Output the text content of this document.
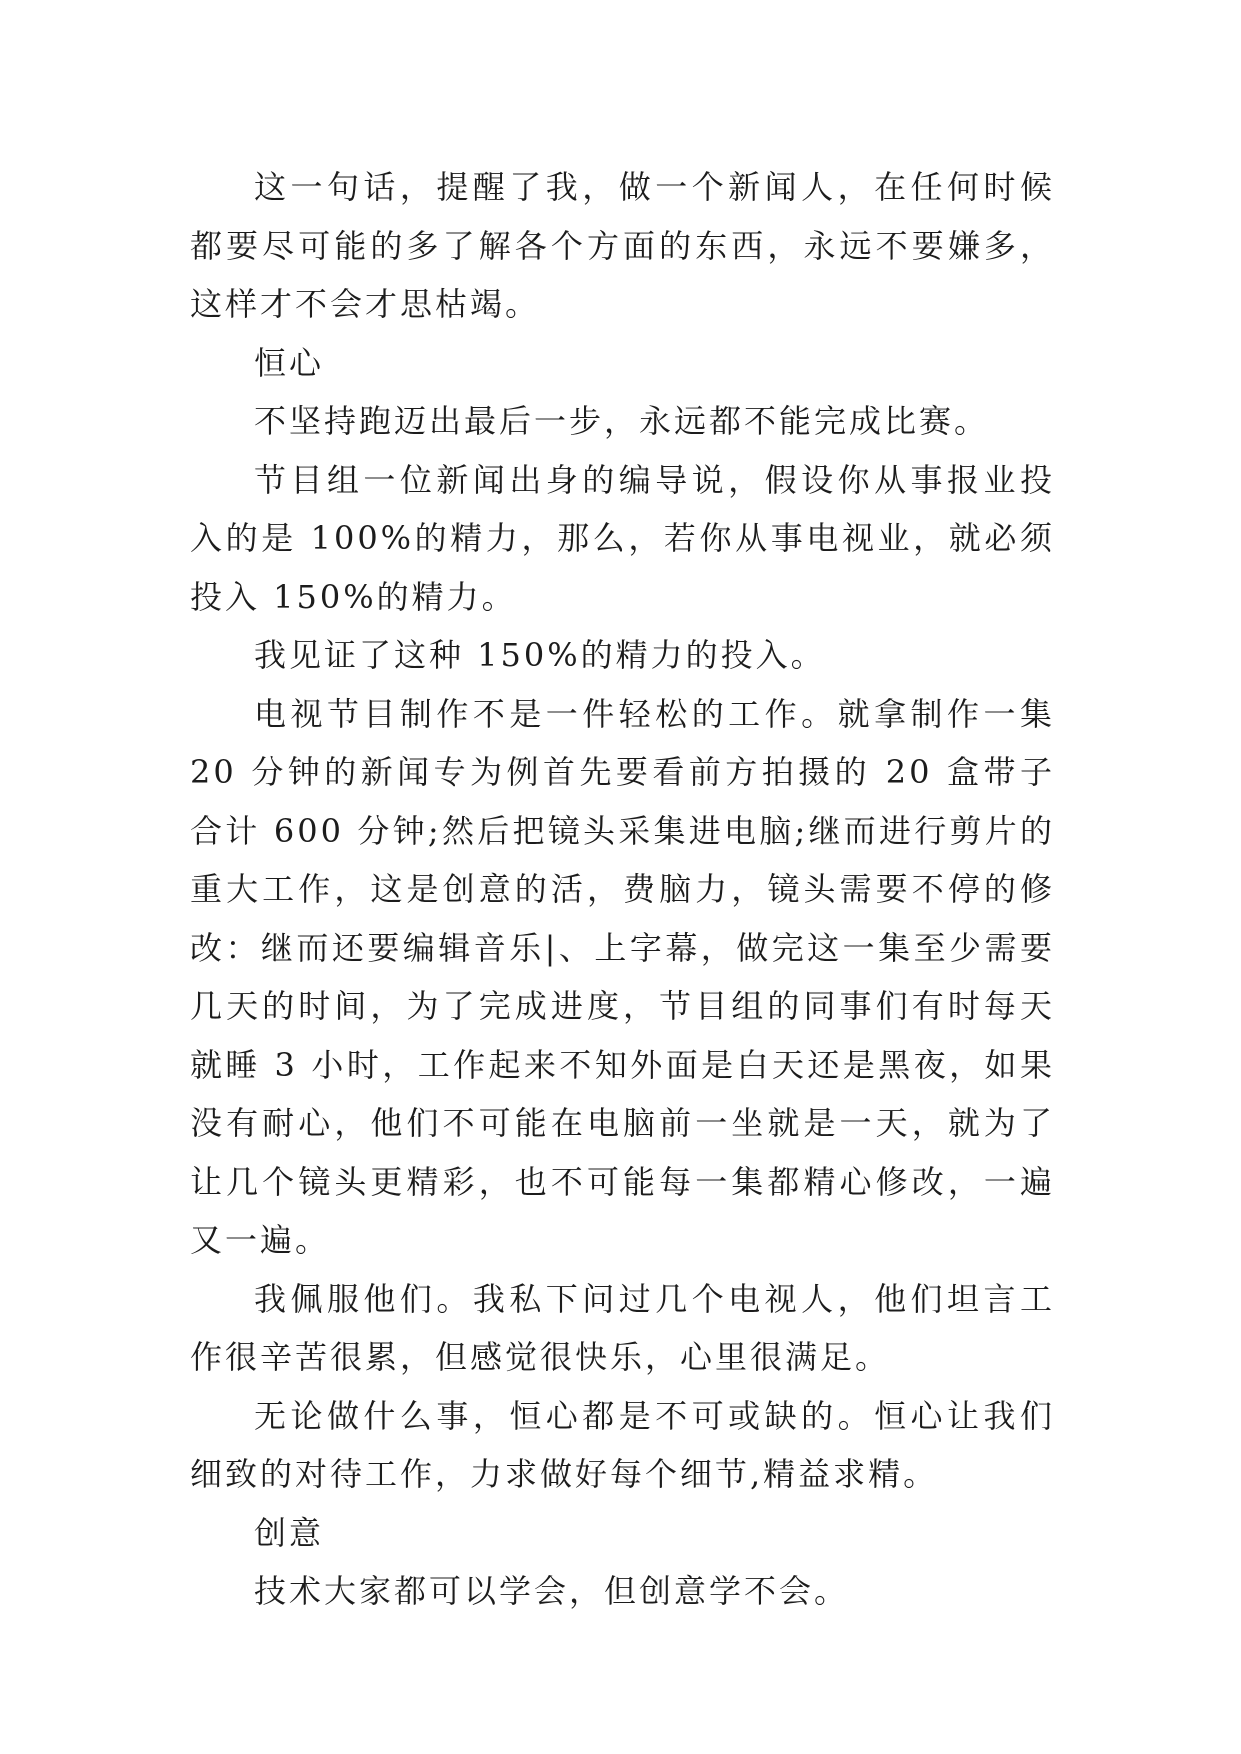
这一句话，提醒了我，做一个新闻人，在任何时候都要尽可能的多了解各个方面的东西，永远不要嫌多，这样才不会才思枯竭。

恒心

不坚持跑迈出最后一步，永远都不能完成比赛。

节目组一位新闻出身的编导说，假设你从事报业投入的是 100%的精力，那么，若你从事电视业，就必须投入 150%的精力。

我见证了这种 150%的精力的投入。

电视节目制作不是一件轻松的工作。就拿制作一集 20 分钟的新闻专为例首先要看前方拍摄的 20 盒带子合计 600 分钟;然后把镜头采集进电脑;继而进行剪片的重大工作，这是创意的活，费脑力，镜头需要不停的修改：继而还要编辑音乐|、上字幕，做完这一集至少需要几天的时间，为了完成进度，节目组的同事们有时每天就睡 3 小时，工作起来不知外面是白天还是黑夜，如果没有耐心，他们不可能在电脑前一坐就是一天，就为了让几个镜头更精彩，也不可能每一集都精心修改，一遍又一遍。

我佩服他们。我私下问过几个电视人，他们坦言工作很辛苦很累，但感觉很快乐，心里很满足。

无论做什么事，恒心都是不可或缺的。恒心让我们细致的对待工作，力求做好每个细节,精益求精。

创意

技术大家都可以学会，但创意学不会。
